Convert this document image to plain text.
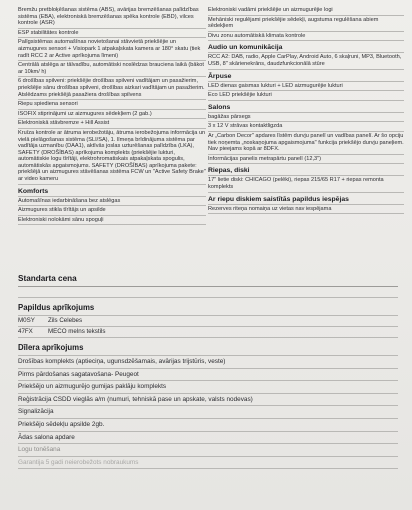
Bremžu pretbloķēšanas sistēma (ABS), avārijas bremzēšanas palīdzības sistēma (EBA), elektroniskā bremzēšanas spēka kontrole (EBD), vilces kontrole (ASR)
ESP stabilitātes kontrole
Palīgsistēmas automašīnas novietošanai stāvvietā priekšējie un aizmugures sensori + Visiopark 1 atpakaļskata kamera ar 180° skatu (tiek radīt RCC 2 ar Active aprīkojuma līmeni)
Centrālā atslēga ar tālvadību, automātiski noslēdzas braucienа laikā (bākot ar 10km/ h)
6 drošības spilveni: priekšējie drošības spilveni vadītājam un pasažierim, priekšējie sānu drošības spilveni, drošības aizkari vadītājam un pasažierim. Atslēdzams priekšējā pasažiera drošības spilvens
Riepu spiediena sensori
ISOFIX stiprinājumi uz aizmugures sēdekļiem (2 gab.)
Elektroniskā stāvbremze + Hill Assist
Kruīza kontrole ar ātruma ierobežotāju, ātruma ierobežojuma informācija un vielā pielāgošanas sistēma (SLI/SA), 1. līmeņa brīdinājuma sistēma par vadītāja uzmanību (DAA1), aktīvās joslas uzturēšanas palīdzība (LKA), SAFETY (DROŠĪBAS) aprīkojuma komplekts (priekšējie lukturi, automātiskie logu tīrītāji, elektrohromatiskais atpakaļskata spogulis, automātiskās apgaismojums. SAFETY (DROŠĪBAS) aprīkojuma pakete: priekšējā un aizmugures stāvēšanas sistēma FCW un "Active Safety Brake" ar video kameru
Komforts
Automašīnas iedarbināšana bez atslēgas
Aizmugures stikla tīrītājs un apsilde
Elektroniski nolokāmi sānu spoguļi
Elektroniski vadāmi priekšējie un aizmugurējie logi
Mehāniski regulējami priekšējie sēdekļi, augstuma regulēšana abiem sēdekļiem
Divu zonu automātiskā klimata kontrole
Audio un komunikācija
RCC A2: DAB, radio, Apple CarPlay, Android Auto, 6 skaļruni, MP3, Bluetooth, USB, 8" skārienekrāns, daudzfunkcionālā stūre
Ārpuse
LED dienas gaismas lukturi + LED aizmugurējie lukturi
Eco LED priekšējie lukturi
Salons
bagāžas pārsegs
3 x 12 V strāvas kontaktligzda
Ar „Carbon Decor" apdares līstēm durvju panelī un vadības panelī. Ar šo opciju tiek noņemta „noskaņojuma apgaismojuma" funkcija priekšējo durvju paneļiem. Nav pieejams kopā ar 8DFX.
Informācijas panelis metrapārtu panelī (12,3")
Riepas, diski
17" lietie diski: CHICAGO (pelēki), riepas 215/65 R17 + riepas remonta komplekts
Ar riepu diskiem saistītās papildus iespējas
Rezerves riteņa nomaiņa uz vietas nav iespējama
Standarta cena
Papildus aprīkojums
M0SY Zils Celebes
47FX MECO melns tekstils
Dīlera aprīkojums
Drošības komplekts (aptieciņa, ugunsdzēšamais, avārijas trijstūris, veste)
Pirms pārdošanas sagatavošana- Peugeot
Priekšējo un aizmugurējo gumijas paklāju komplekts
Reģistrācija CSDD vieglās a/m (numuri, tehniskā pase un apskate, valsts nodevas)
Signalizācija
Priekšējo sēdekļu apsilde 2gb.
Ādas salona apdare
Logu tonēšana
Garantija 5 gadi neierobežots nobraukums
